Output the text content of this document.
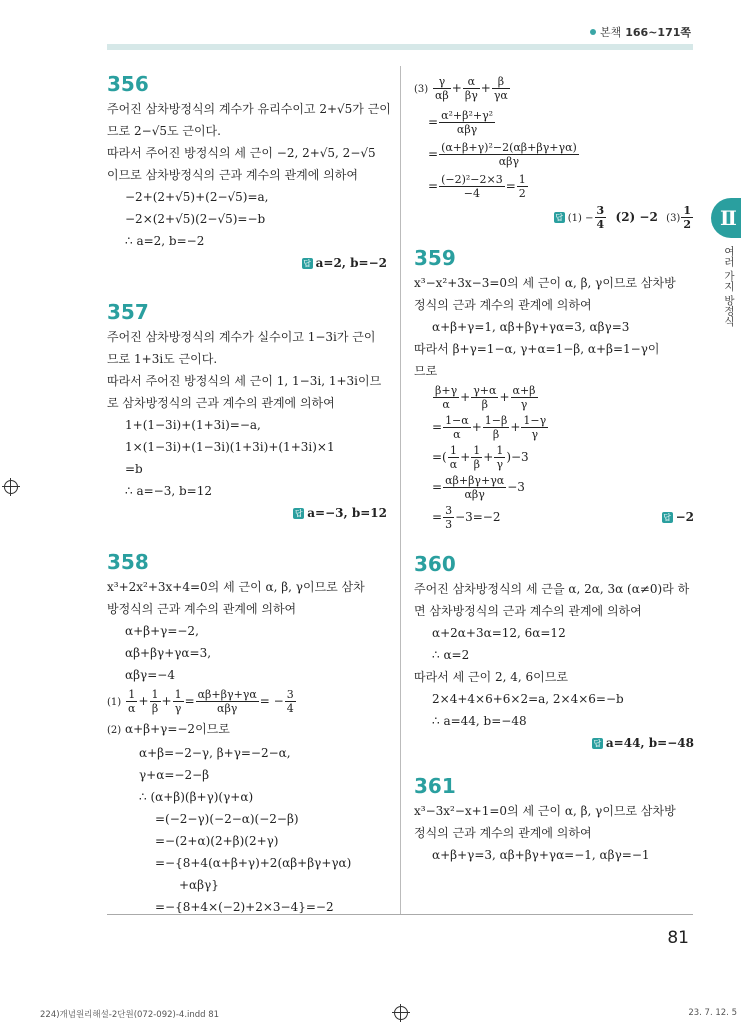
본책 166~171쪽
Ⅱ
여러 가지 방정식
356
주어진 삼차방정식의 계수가 유리수이고 2+√5가 근이
므로 2−√5도 근이다.
따라서 주어진 방정식의 세 근이 −2, 2+√5, 2−√5
이므로 삼차방정식의 근과 계수의 관계에 의하여
−2+(2+√5)+(2−√5)=a,
−2×(2+√5)(2−√5)=−b
∴ a=2, b=−2
답 a=2, b=−2
357
주어진 삼차방정식의 계수가 실수이고 1−3i가 근이
므로 1+3i도 근이다.
따라서 주어진 방정식의 세 근이 1, 1−3i, 1+3i이므
로 삼차방정식의 근과 계수의 관계에 의하여
1+(1−3i)+(1+3i)=−a,
1×(1−3i)+(1−3i)(1+3i)+(1+3i)×1
=b
∴ a=−3, b=12
답 a=−3, b=12
358
x³+2x²+3x+4=0의 세 근이 α, β, γ이므로 삼차
방정식의 근과 계수의 관계에 의하여
α+β+γ=−2,
αβ+βγ+γα=3,
αβγ=−4
$(1) \frac{1}{\alpha} + \frac{1}{\beta} + \frac{1}{\gamma} = \alpha\beta+\beta\gamma+\gamma\alpha$
αβγ
= − $\frac{3}{4}$
(2) α+β+γ=−2이므로
α+β=−2−γ, β+γ=−2−α,
γ+α=−2−β
∴ (α+β)(β+γ)(γ+α)
=(−2−γ)(−2−α)(−2−β)
=−(2+α)(2+β)(2+γ)
=−{8+4(α+β+γ)+2(αβ+βγ+γα)
+αβγ}
=−{8+4×(−2)+2×3−4}=−2
$(3) \frac{\gamma}{\alpha\beta} + \frac{\alpha}{\beta\gamma} + \frac{\beta}{\gamma\alpha}$
= α²+β²+γ²
αβγ
= (α+β+γ)²−2(αβ+βγ+γα)
αβγ
= $\frac{\text{(−2)²−2×3}}{-4} = \frac{1}{2}$
답 $(1) - \frac{3}{4} (2) -2$ $(3) \frac{1}{2}$
359
x³−x²+3x−3=0의 세 근이 α, β, γ이므로 삼차방
정식의 근과 계수의 관계에 의하여
α+β+γ=1, αβ+βγ+γα=3, αβγ=3
따라서 β+γ=1−α, γ+α=1−β, α+β=1−γ이
므로
$\frac{\beta+\gamma}{\alpha} + \frac{\gamma+\alpha}{\beta} + \frac{\alpha+\beta}{\gamma}$
= $\frac{1-\alpha}{\alpha} + \frac{1-\beta}{\beta} + \frac{1-\gamma}{\gamma}$
=( $\frac{1}{\alpha} + \frac{1}{\beta} + \frac{1}{\gamma} )-3$
= αβ+βγ+γα
αβγ
−3
= $\frac{3}{3} -3=-2$	답 −2
360
주어진 삼차방정식의 세 근을 α, 2α, 3α (α≠0)라 하
면 삼차방정식의 근과 계수의 관계에 의하여
α+2α+3α=12, 6α=12
∴ α=2
따라서 세 근이 2, 4, 6이므로
2×4+4×6+6×2=a, 2×4×6=−b
∴ a=44, b=−48
답 a=44, b=−48
361
x³−3x²−x+1=0의 세 근이 α, β, γ이므로 삼차방
정식의 근과 계수의 관계에 의하여
α+β+γ=3, αβ+βγ+γα=−1, αβγ=−1
81
224)개념원리해설-2단원(072-092)-4.indd 81	23. 7. 12. 5
